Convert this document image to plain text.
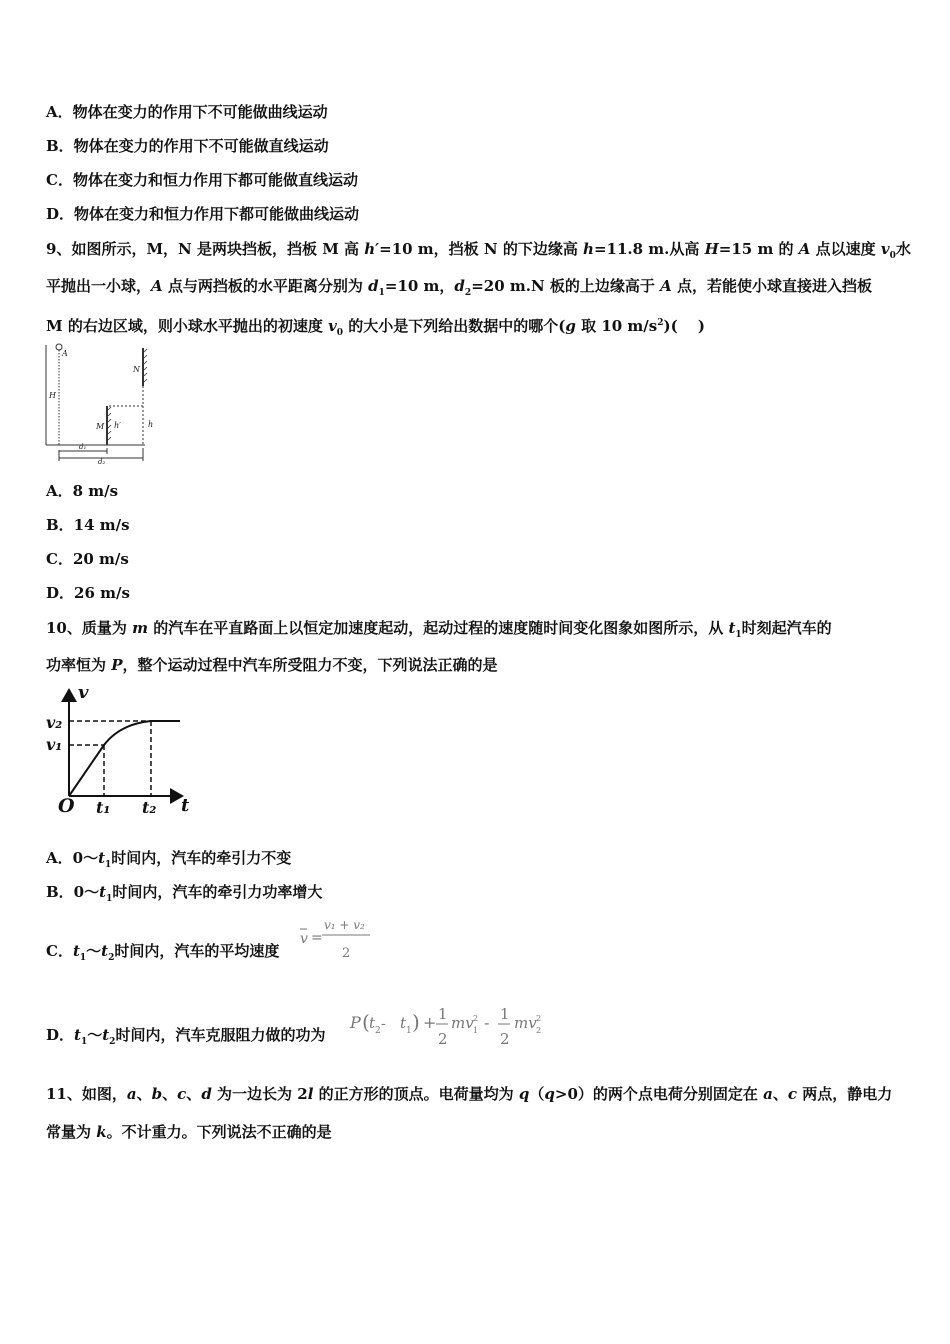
A．物体在变力的作用下不可能做曲线运动
B．物体在变力的作用下不可能做直线运动
C．物体在变力和恒力作用下都可能做直线运动
D．物体在变力和恒力作用下都可能做曲线运动
9、如图所示，M，N 是两块挡板，挡板 M 高 h′=10 m，挡板 N 的下边缘高 h=11.8 m.从高 H=15 m 的 A 点以速度 $v_0$水
平抛出一小球，A 点与两挡板的水平距离分别为 $d_1=10$ m，$d_2=20$ m.N 板的上边缘高于 A 点，若能使小球直接进入挡板
M 的右边区域，则小球水平抛出的初速度 $v_0$ 的大小是下列给出数据中的哪个(g 取 10 $m/s^2$)(　 )
A
N
H
M h′	h
d₁
d₂
A．8 m/s
B．14 m/s
C．20 m/s
D．26 m/s
10、质量为 m 的汽车在平直路面上以恒定加速度起动，起动过程的速度随时间变化图象如图所示，从 $t_1$时刻起汽车的
功率恒为 P，整个运动过程中汽车所受阻力不变，下列说法正确的是
v
t
O
v₂
v₁
t₁ t₂
A．$0\sim t_1$时间内，汽车的牵引力不变
B．$0\sim t_1$时间内，汽车的牵引力功率增大
C．$t_1\sim t_2$时间内，汽车的平均速度
v =
v₁ + v₂
2
D．$t_1\sim t_2$时间内，汽车克服阻力做的功为
P ( t 2 - t 1 ) + 1
2
mv 1
2 - 1
2
mv 2
2
11、如图，a、b、c、d 为一边长为 2l 的正方形的顶点。电荷量均为 q（q>0）的两个点电荷分别固定在 a、c 两点，静电力
常量为 k。不计重力。下列说法不正确的是
